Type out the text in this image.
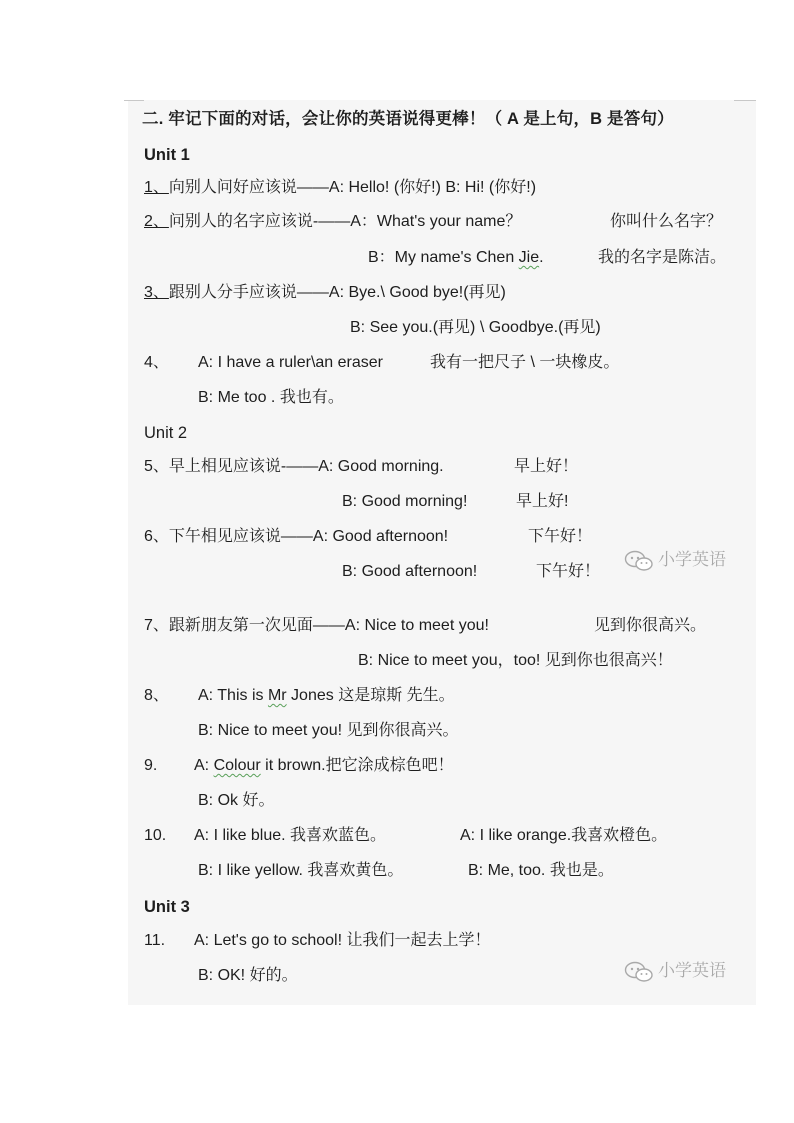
二. 牢记下面的对话，会让你的英语说得更棒！（ A 是上句，B 是答句）
Unit 1
1、向别人问好应该说——A: Hello! (你好!) B: Hi! (你好!)
2、问别人的名字应该说-——A：What's your name？	你叫什么名字？
B：My name's Chen Jie.	我的名字是陈洁。
3、跟别人分手应该说——A: Bye.\ Good bye!(再见)
B: See you.(再见) \ Goodbye.(再见)
4、 A: I have a ruler\an eraser	我有一把尺子 \ 一块橡皮。
B: Me too . 我也有。
Unit 2
5、早上相见应该说-——A: Good morning.	早上好！
B: Good morning!	早上好!
6、下午相见应该说——A: Good afternoon!	下午好！
B: Good afternoon!	下午好！
7、跟新朋友第一次见面——A: Nice to meet you!	见到你很高兴。
B: Nice to meet you，too! 见到你也很高兴！
8、 A: This is Mr Jones 这是琼斯 先生。
B: Nice to meet you! 见到你很高兴。
9. A: Colour it brown.把它涂成棕色吧！
B: Ok 好。
10. A: I like blue. 我喜欢蓝色。	A: I like orange.我喜欢橙色。
B: I like yellow. 我喜欢黄色。	B: Me, too. 我也是。
Unit 3
11. A: Let's go to school! 让我们一起去上学！
B: OK! 好的。
小学英语
小学英语
